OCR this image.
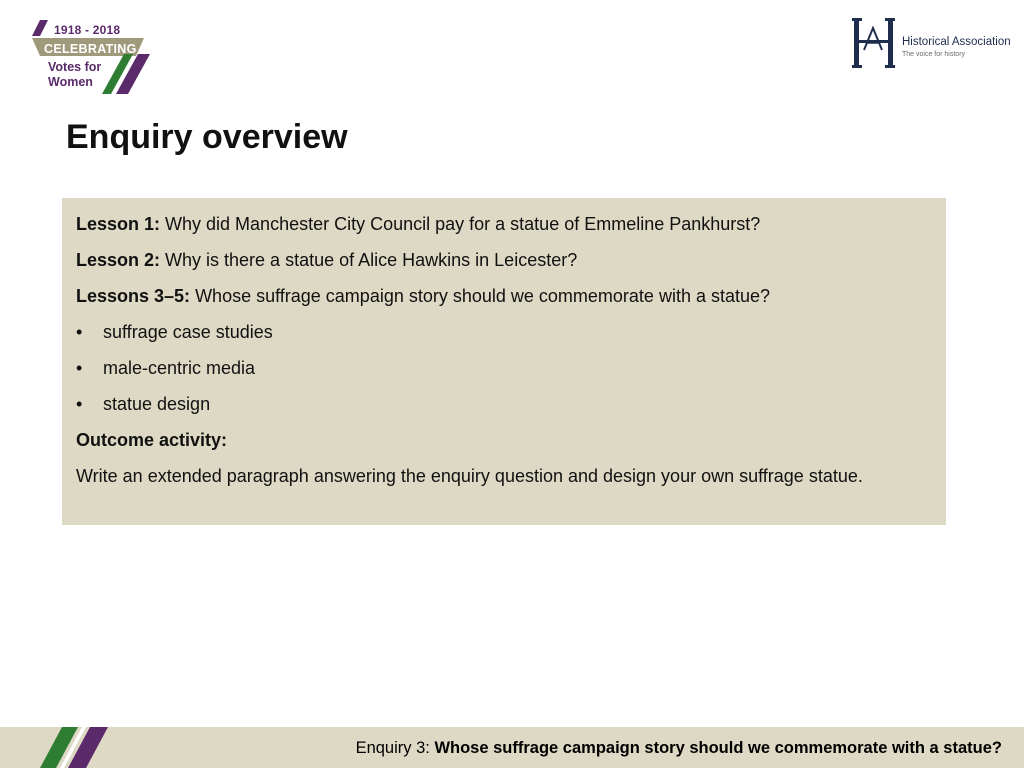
1918 - 2018
CELEBRATING
Votes for
Women
Historical Association
The voice for history
Enquiry overview

Lesson 1: Why did Manchester City Council pay for a statue of Emmeline Pankhurst?

Lesson 2: Why is there a statue of Alice Hawkins in Leicester?

Lessons 3–5: Whose suffrage campaign story should we commemorate with a statue?

•	suffrage case studies
•	male-centric media
•	statue design
Outcome activity:

Write an extended paragraph answering the enquiry question and design your own suffrage statue.

Enquiry 3: Whose suffrage campaign story should we commemorate with a statue?
